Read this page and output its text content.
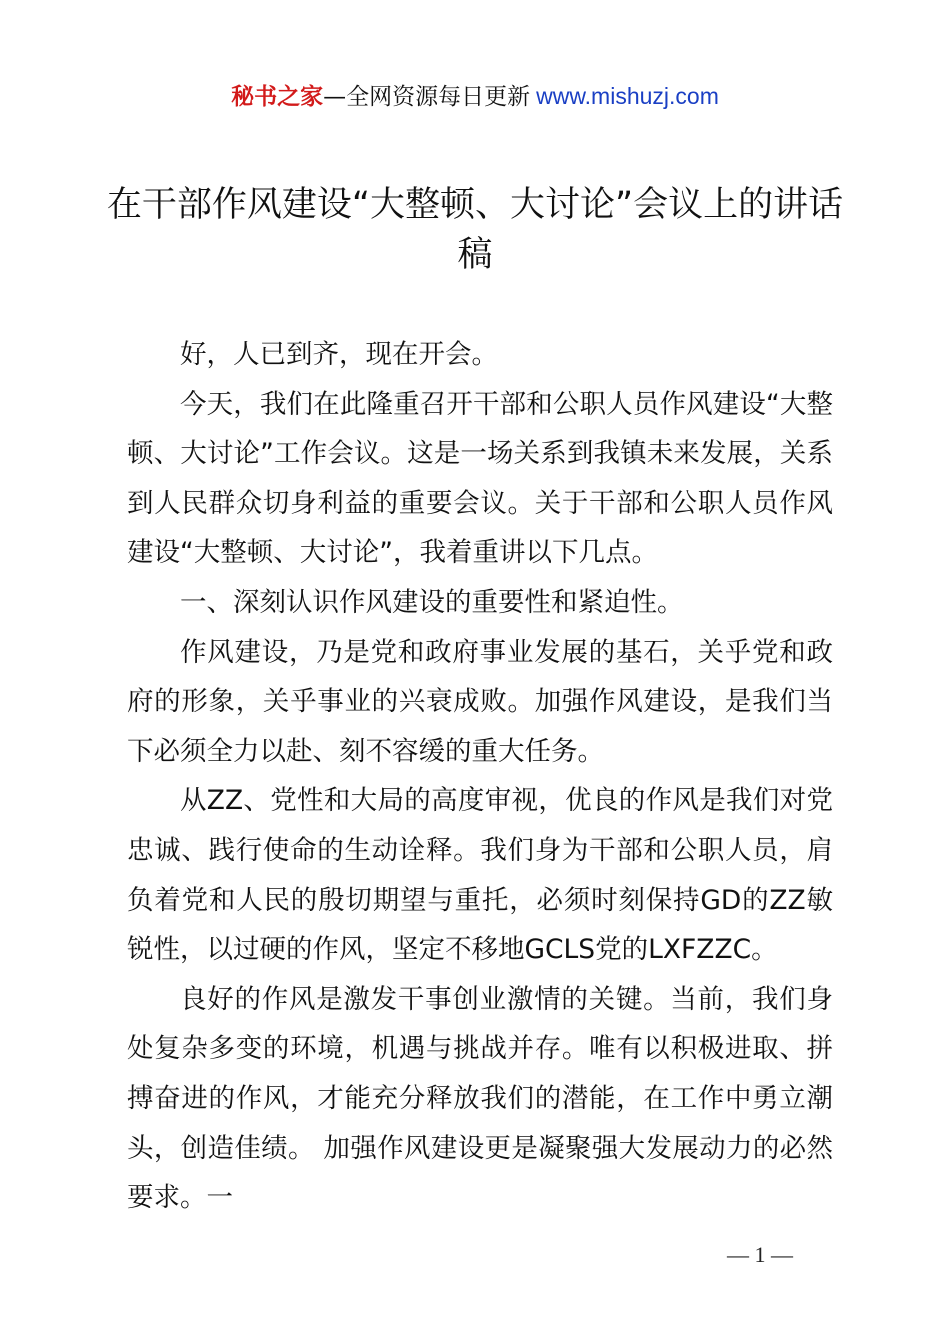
秘书之家—全网资源每日更新 www.mishuzj.com
在干部作风建设“大整顿、大讨论”会议上的讲话稿

好，人已到齐，现在开会。

今天，我们在此隆重召开干部和公职人员作风建设“大整顿、大讨论”工作会议。这是一场关系到我镇未来发展，关系到人民群众切身利益的重要会议。关于干部和公职人员作风建设“大整顿、大讨论”，我着重讲以下几点。

一、深刻认识作风建设的重要性和紧迫性。

作风建设，乃是党和政府事业发展的基石，关乎党和政府的形象，关乎事业的兴衰成败。加强作风建设，是我们当下必须全力以赴、刻不容缓的重大任务。

从ZZ、党性和大局的高度审视，优良的作风是我们对党忠诚、践行使命的生动诠释。我们身为干部和公职人员，肩负着党和人民的殷切期望与重托，必须时刻保持GD的ZZ敏锐性，以过硬的作风，坚定不移地GCLS党的LXFZZC。

良好的作风是激发干事创业激情的关键。当前，我们身处复杂多变的环境，机遇与挑战并存。唯有以积极进取、拼搏奋进的作风，才能充分释放我们的潜能，在工作中勇立潮头，创造佳绩。 加强作风建设更是凝聚强大发展动力的必然要求。一

— 1 —
